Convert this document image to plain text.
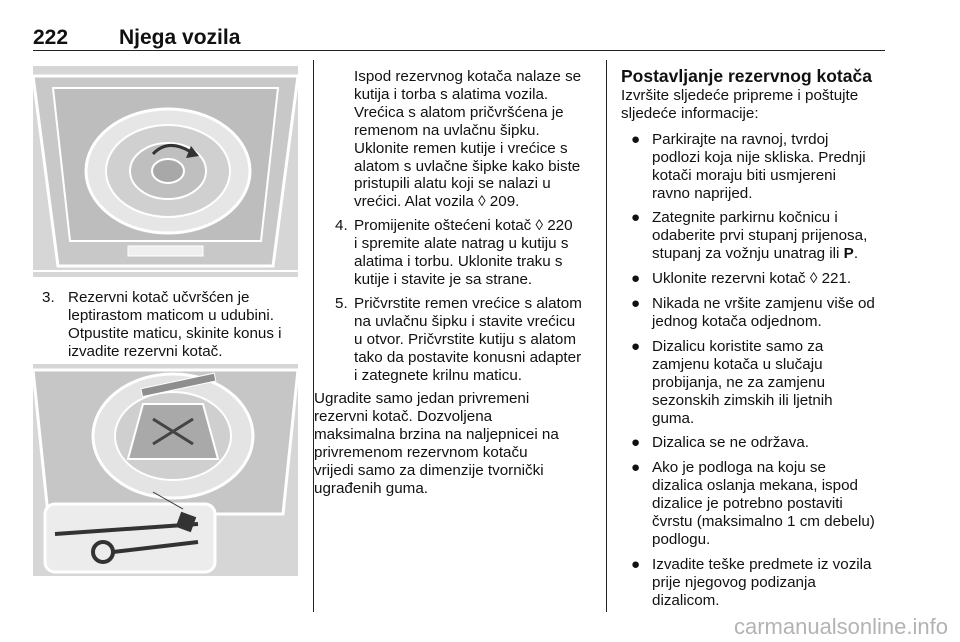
222 Njega vozila
3. Rezervni kotač učvršćen je

leptirastom maticom u udubini.

Otpustite maticu, skinite konus i

izvadite rezervni kotač.

Ispod rezervnog kotača nalaze se

kutija i torba s alatima vozila.

Vrećica s alatom pričvršćena je

remenom na uvlačnu šipku.

Uklonite remen kutije i vrećice s

alatom s uvlačne šipke kako biste

pristupili alatu koji se nalazi u

vrećici. Alat vozila ◊ 209.

4. Promijenite oštećeni kotač ◊ 220

i spremite alate natrag u kutiju s

alatima i torbu. Uklonite traku s

kutije i stavite je sa strane.

5. Pričvrstite remen vrećice s alatom

na uvlačnu šipku i stavite vrećicu

u otvor. Pričvrstite kutiju s alatom

tako da postavite konusni adapter

i zategnete krilnu maticu.

Ugradite samo jedan privremeni

rezervni kotač. Dozvoljena

maksimalna brzina na naljepnicei na

privremenom rezervnom kotaču

vrijedi samo za dimenzije tvornički

ugrađenih guma.

Postavljanje rezervnog kotača

Izvršite sljedeće pripreme i poštujte

sljedeće informacije:

● Parkirajte na ravnoj, tvrdoj

podlozi koja nije skliska. Prednji

kotači moraju biti usmjereni

ravno naprijed.

● Zategnite parkirnu kočnicu i

odaberite prvi stupanj prijenosa,

stupanj za vožnju unatrag ili P.

● Uklonite rezervni kotač ◊ 221.

● Nikada ne vršite zamjenu više od

jednog kotača odjednom.

● Dizalicu koristite samo za

zamjenu kotača u slučaju

probijanja, ne za zamjenu

sezonskih zimskih ili ljetnih

guma.

● Dizalica se ne održava.

● Ako je podloga na koju se

dizalica oslanja mekana, ispod

dizalice je potrebno postaviti

čvrstu (maksimalno 1 cm debelu)

podlogu.

● Izvadite teške predmete iz vozila

prije njegovog podizanja

dizalicom.

carmanualsonline.info
